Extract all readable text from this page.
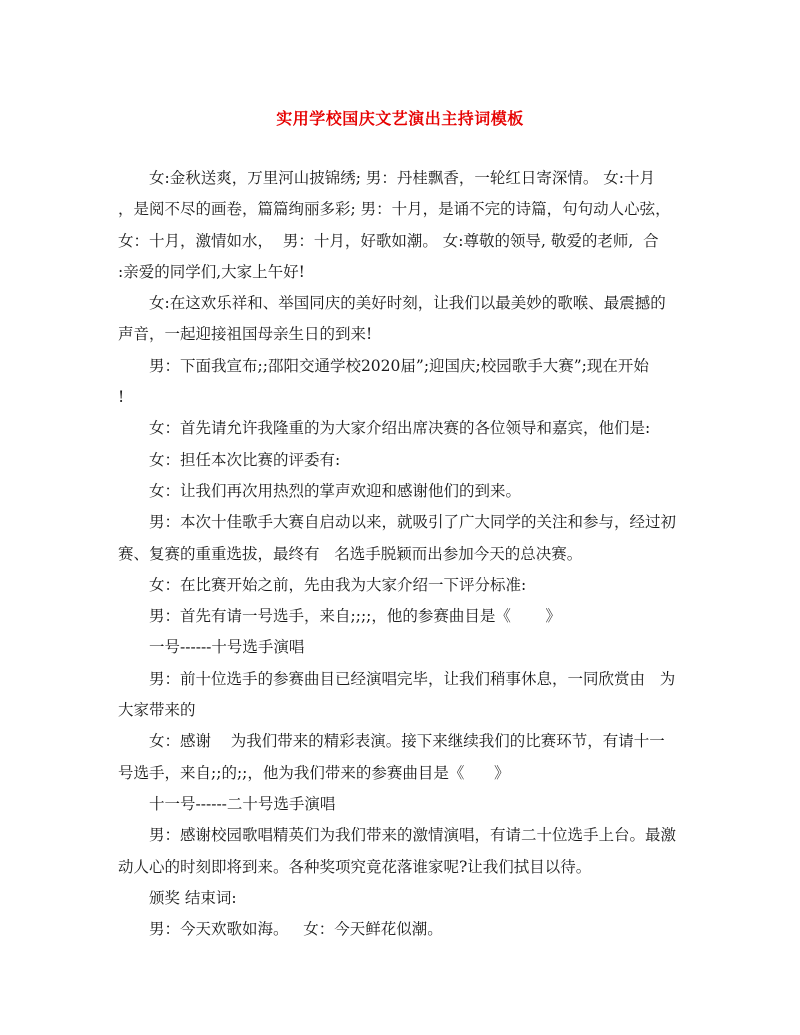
实用学校国庆文艺演出主持词模板
女:金秋送爽，万里河山披锦绣; 男：丹桂飘香，一轮红日寄深情。 女:十月
，是阅不尽的画卷，篇篇绚丽多彩; 男：十月，是诵不完的诗篇，句句动人心弦，
女：十月，激情如水，  男：十月，好歌如潮。 女:尊敬的领导, 敬爱的老师,  合
:亲爱的同学们,大家上午好!
女:在这欢乐祥和、举国同庆的美好时刻，让我们以最美妙的歌喉、最震撼的
声音，一起迎接祖国母亲生日的到来!
男：下面我宣布;;邵阳交通学校2020届”;迎国庆;校园歌手大赛”;现在开始
!
女：首先请允许我隆重的为大家介绍出席决赛的各位领导和嘉宾，他们是:
女：担任本次比赛的评委有:
女：让我们再次用热烈的掌声欢迎和感谢他们的到来。
男：本次十佳歌手大赛自启动以来，就吸引了广大同学的关注和参与，经过初
赛、复赛的重重选拔，最终有   名选手脱颖而出参加今天的总决赛。
女：在比赛开始之前，先由我为大家介绍一下评分标准:
男：首先有请一号选手，来自;;;;，他的参赛曲目是《       》
一号------十号选手演唱
男：前十位选手的参赛曲目已经演唱完毕，让我们稍事休息，一同欣赏由   为
大家带来的
女：感谢    为我们带来的精彩表演。接下来继续我们的比赛环节，有请十一
号选手，来自;;的;;，他为我们带来的参赛曲目是《      》
十一号------二十号选手演唱
男：感谢校园歌唱精英们为我们带来的激情演唱，有请二十位选手上台。最激
动人心的时刻即将到来。各种奖项究竟花落谁家呢?让我们拭目以待。
颁奖 结束词:
男：今天欢歌如海。   女：今天鲜花似潮。
